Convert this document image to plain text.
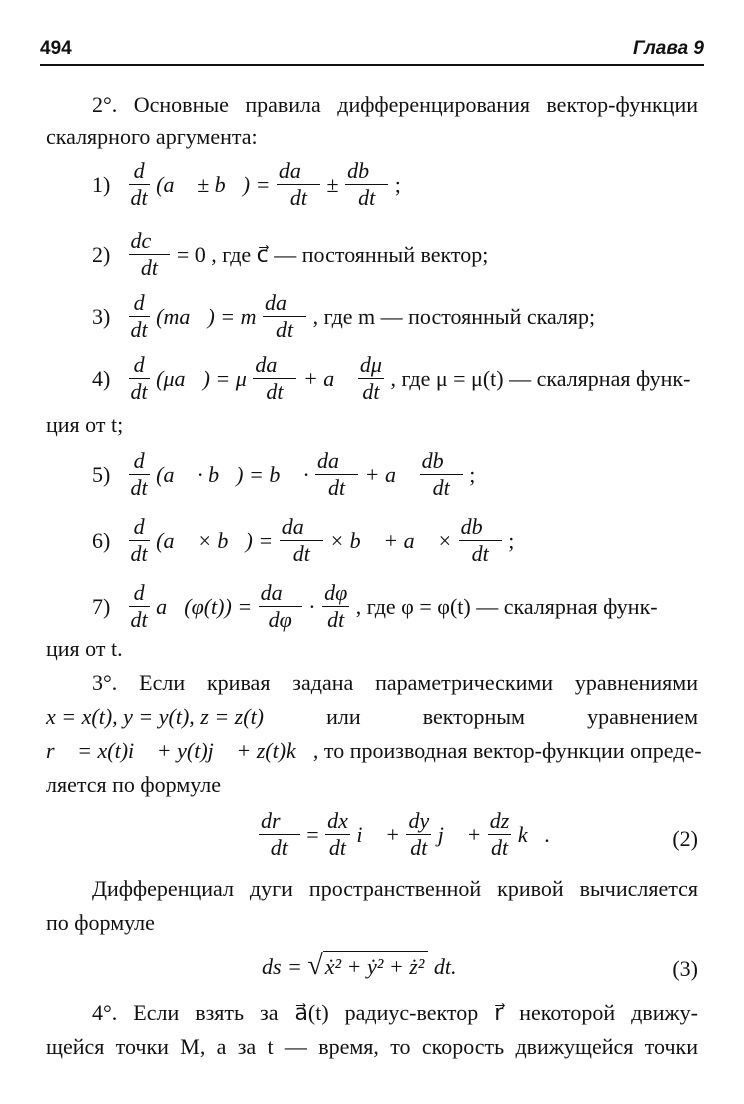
494	Глава 9
2°. Основные правила дифференцирования вектор-функции
скалярного аргумента:
$1) \frac{d}{dt}$ (a⃗ ± b⃗) = $\frac{da⃗}{dt} \pm \frac{db⃗}{dt}$ ;
$2) \frac{dc⃗}{dt} = 0$ , где c⃗ — постоянный вектор;
$3) \frac{d}{dt}$ (ma⃗) = m $\frac{da⃗}{dt}$ , где m — постоянный скаляр;
$4) \frac{d}{dt}$ (μa⃗) = μ $\frac{da⃗}{dt}$ + a⃗ $\frac{d\mu}{dt}$ , где μ = μ(t) — скалярная функ-
ция от t;
$5) \frac{d}{dt}$ (a⃗ · b⃗) = b⃗ · $\frac{da⃗}{dt}$ + a⃗ $\frac{db⃗}{dt}$ ;
$6) \frac{d}{dt}$ (a⃗ × b⃗) = $\frac{da⃗}{dt}$ × b⃗ + a⃗ × $\frac{db⃗}{dt}$ ;
$7) \frac{d}{dt}$ a⃗(φ(t)) = $\frac{da⃗}{d\varphi} \cdot \frac{d\varphi}{dt}$ , где φ = φ(t) — скалярная функ-
ция от t.
3°. Если кривая задана параметрическими уравнениями
x = x(t), y = y(t), z = z(t)	или	векторным	уравнением
r⃗ = x(t)i⃗ + y(t)j⃗ + z(t)k⃗, то производная вектор-функции опреде-
ляется по формуле
$\frac{dr⃗}{dt} = \frac{dx}{dt}$ i⃗ + $\frac{dy}{dt}$ j⃗ + $\frac{dz}{dt}$ k⃗.	(2)
Дифференциал дуги пространственной кривой вычисляется
по формуле
ds = √ẋ² + ẏ² + ż² dt.	(3)
4°. Если взять за a⃗(t) радиус-вектор r⃗ некоторой движу-
щейся точки M, а за t — время, то скорость движущейся точки
